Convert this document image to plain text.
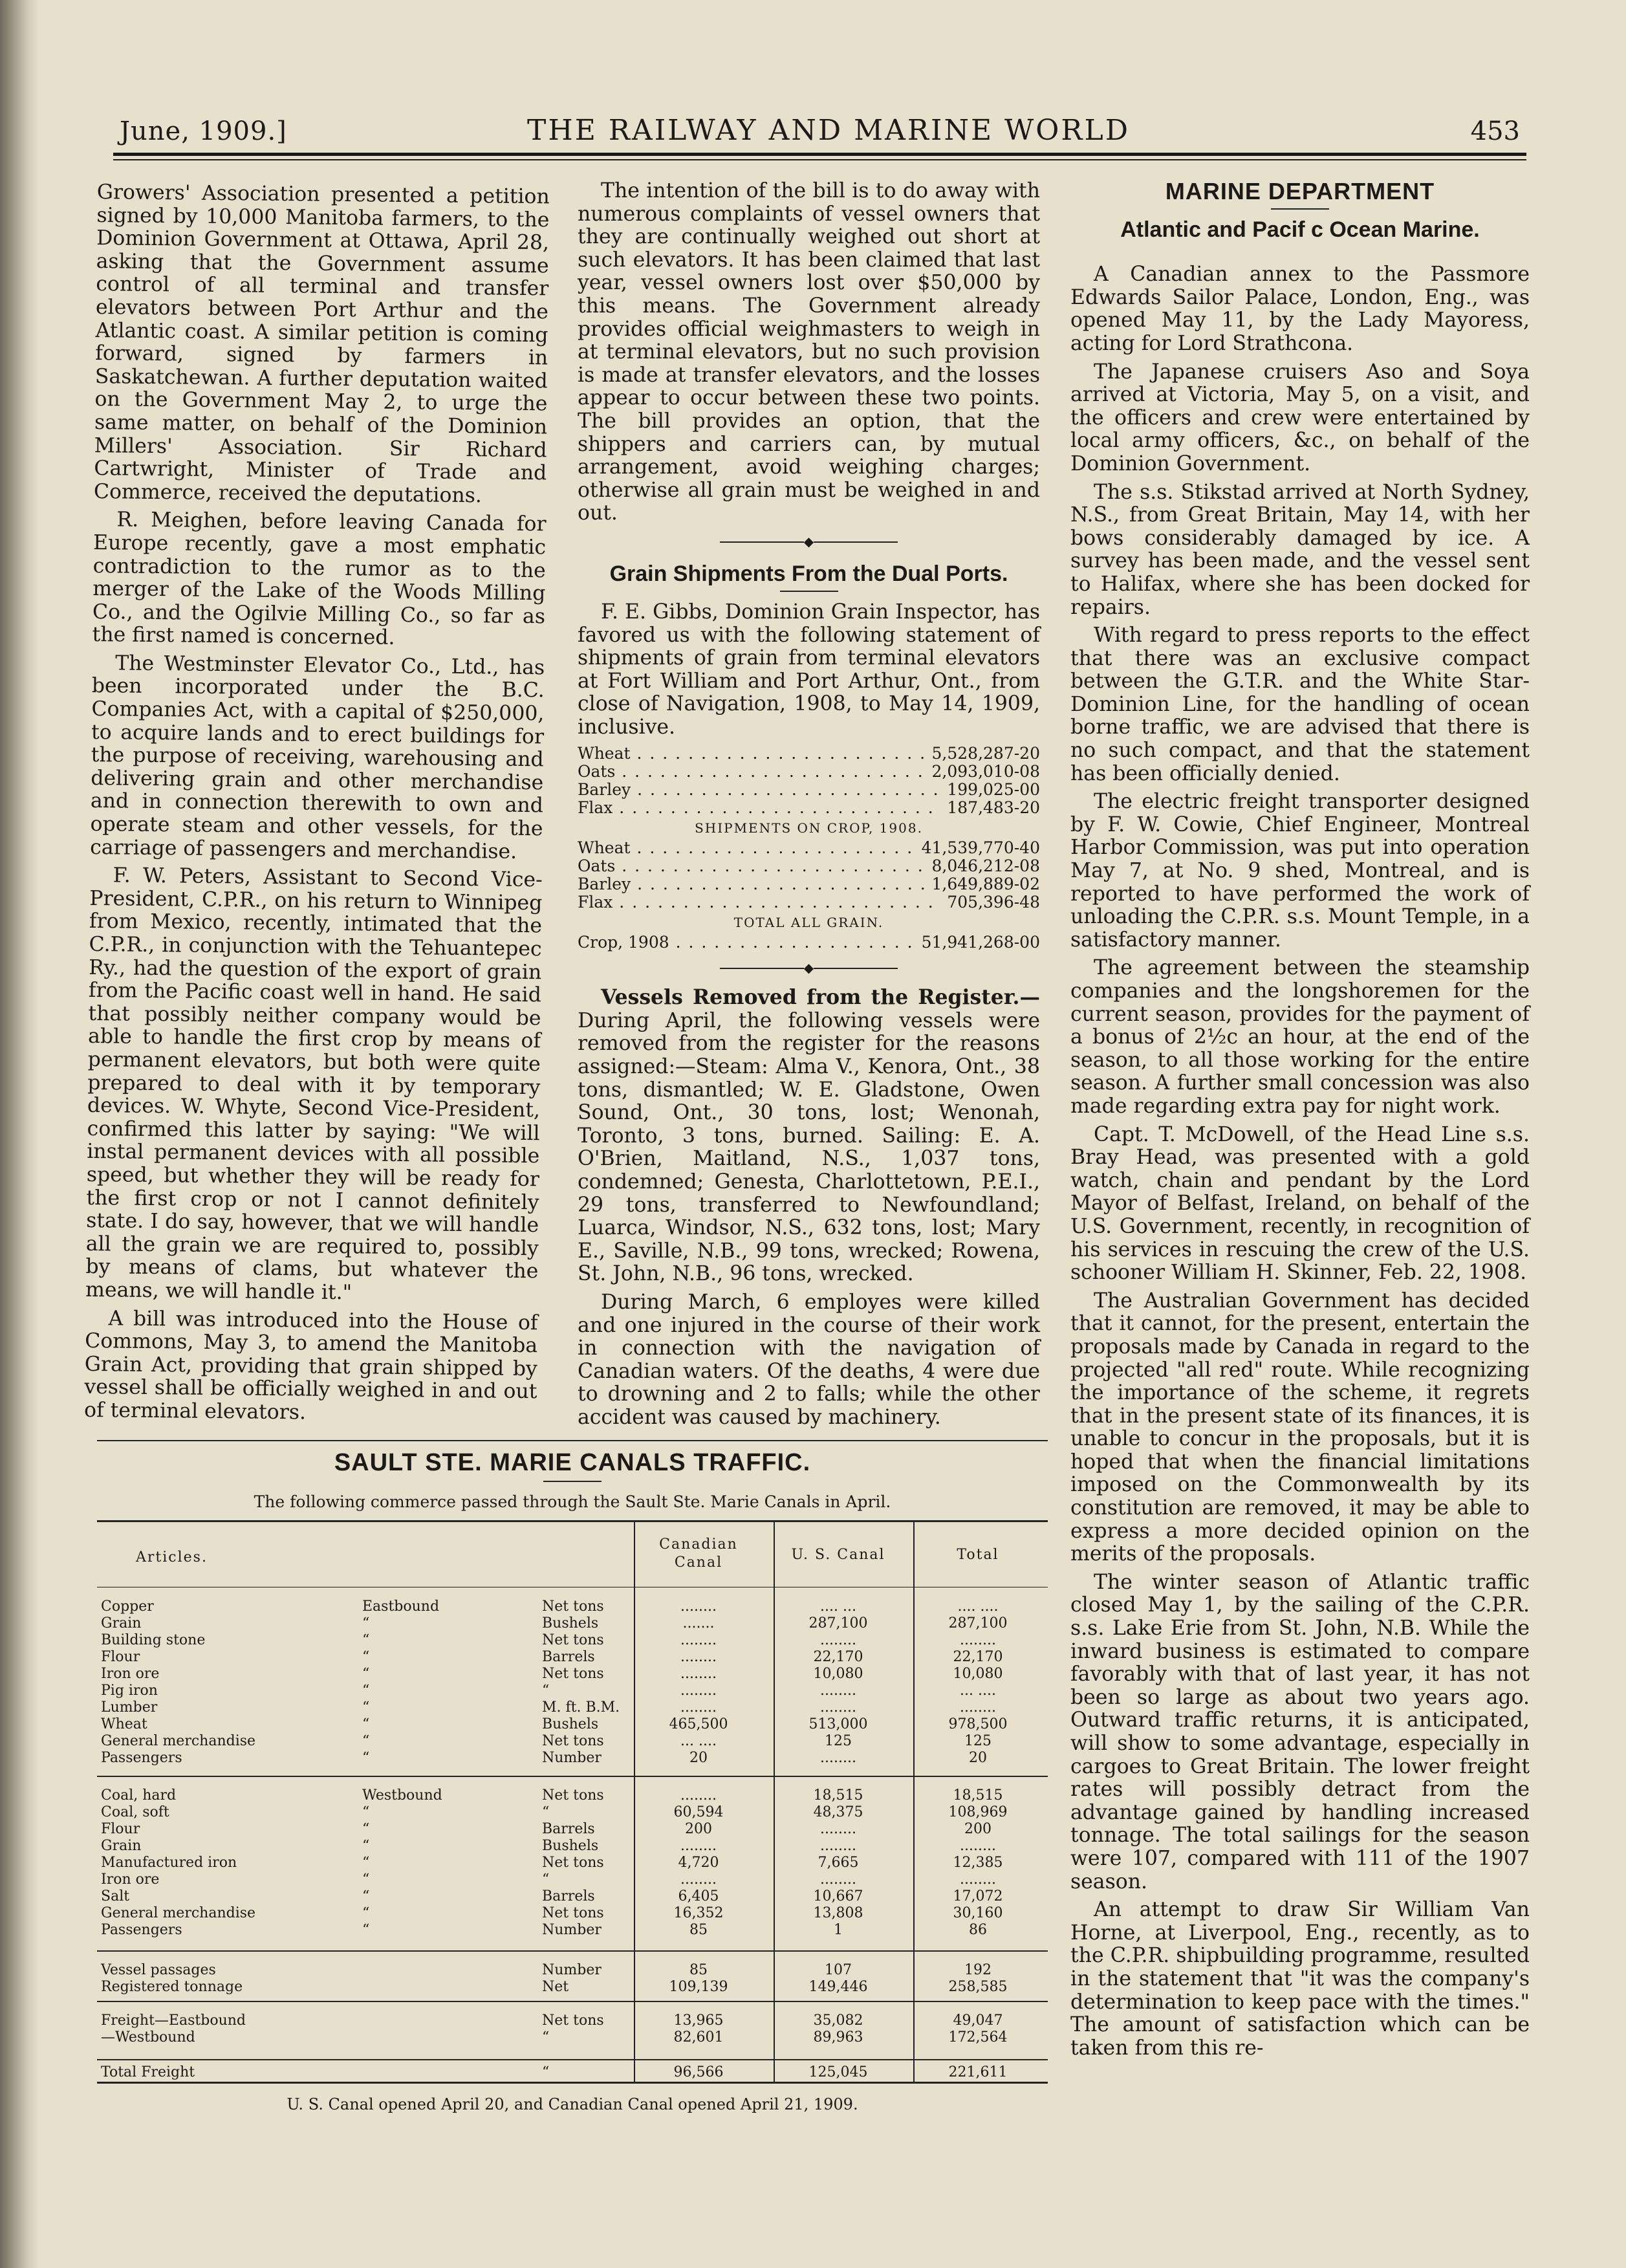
June, 1909.]	THE RAILWAY AND MARINE WORLD	453

Growers' Association presented a petition signed by 10,000 Manitoba farmers, to the Dominion Government at Ottawa, April 28, asking that the Government assume control of all terminal and transfer elevators between Port Arthur and the Atlantic coast. A similar petition is coming forward, signed by farmers in Saskatchewan. A further deputation waited on the Government May 2, to urge the same matter, on behalf of the Dominion Millers' Association. Sir Richard Cartwright, Minister of Trade and Commerce, received the deputations.

R. Meighen, before leaving Canada for Europe recently, gave a most emphatic contradiction to the rumor as to the merger of the Lake of the Woods Milling Co., and the Ogilvie Milling Co., so far as the first named is concerned.

The Westminster Elevator Co., Ltd., has been incorporated under the B.C. Companies Act, with a capital of $250,000, to acquire lands and to erect buildings for the purpose of receiving, warehousing and delivering grain and other merchandise and in connection therewith to own and operate steam and other vessels, for the carriage of passengers and merchandise.

F. W. Peters, Assistant to Second Vice-President, C.P.R., on his return to Winnipeg from Mexico, recently, intimated that the C.P.R., in conjunction with the Tehuantepec Ry., had the question of the export of grain from the Pacific coast well in hand. He said that possibly neither company would be able to handle the first crop by means of permanent elevators, but both were quite prepared to deal with it by temporary devices. W. Whyte, Second Vice-President, confirmed this latter by saying: "We will instal permanent devices with all possible speed, but whether they will be ready for the first crop or not I cannot definitely state. I do say, however, that we will handle all the grain we are required to, possibly by means of clams, but whatever the means, we will handle it."

A bill was introduced into the House of Commons, May 3, to amend the Manitoba Grain Act, providing that grain shipped by vessel shall be officially weighed in and out of terminal elevators.

The intention of the bill is to do away with numerous complaints of vessel owners that they are continually weighed out short at such elevators. It has been claimed that last year, vessel owners lost over $50,000 by this means. The Government already provides official weighmasters to weigh in at terminal elevators, but no such provision is made at transfer elevators, and the losses appear to occur between these two points. The bill provides an option, that the shippers and carriers can, by mutual arrangement, avoid weighing charges; otherwise all grain must be weighed in and out.

◆
Grain Shipments From the Dual Ports.

F. E. Gibbs, Dominion Grain Inspector, has favored us with the following statement of shipments of grain from terminal elevators at Fort William and Port Arthur, Ont., from close of Navigation, 1908, to May 14, 1909, inclusive.

Wheat . . .	5,528,287-20
Oats . . .	2,093,010-08
Barley . . .	199,025-00
Flax . . .	187,483-20
SHIPMENTS ON CROP, 1908.
Wheat . . .	41,539,770-40
Oats . . .	8,046,212-08
Barley . . .	1,649,889-02
Flax . . .	705,396-48
TOTAL ALL GRAIN.
Crop, 1908 . . .	51,941,268-00
◆

Vessels Removed from the Register.— During April, the following vessels were removed from the register for the reasons assigned:—Steam: Alma V., Kenora, Ont., 38 tons, dismantled; W. E. Gladstone, Owen Sound, Ont., 30 tons, lost; Wenonah, Toronto, 3 tons, burned. Sailing: E. A. O'Brien, Maitland, N.S., 1,037 tons, condemned; Genesta, Charlottetown, P.E.I., 29 tons, transferred to Newfoundland; Luarca, Windsor, N.S., 632 tons, lost; Mary E., Saville, N.B., 99 tons, wrecked; Rowena, St. John, N.B., 96 tons, wrecked.

During March, 6 employes were killed and one injured in the course of their work in connection with the navigation of Canadian waters. Of the deaths, 4 were due to drowning and 2 to falls; while the other accident was caused by machinery.

MARINE DEPARTMENT
Atlantic and Pacif c Ocean Marine.

A Canadian annex to the Passmore Edwards Sailor Palace, London, Eng., was opened May 11, by the Lady Mayoress, acting for Lord Strathcona.

The Japanese cruisers Aso and Soya arrived at Victoria, May 5, on a visit, and the officers and crew were entertained by local army officers, &c., on behalf of the Dominion Government.

The s.s. Stikstad arrived at North Sydney, N.S., from Great Britain, May 14, with her bows considerably damaged by ice. A survey has been made, and the vessel sent to Halifax, where she has been docked for repairs.

With regard to press reports to the effect that there was an exclusive compact between the G.T.R. and the White Star-Dominion Line, for the handling of ocean borne traffic, we are advised that there is no such compact, and that the statement has been officially denied.

The electric freight transporter designed by F. W. Cowie, Chief Engineer, Montreal Harbor Commission, was put into operation May 7, at No. 9 shed, Montreal, and is reported to have performed the work of unloading the C.P.R. s.s. Mount Temple, in a satisfactory manner.

The agreement between the steamship companies and the longshoremen for the current season, provides for the payment of a bonus of 2½c an hour, at the end of the season, to all those working for the entire season. A further small concession was also made regarding extra pay for night work.

Capt. T. McDowell, of the Head Line s.s. Bray Head, was presented with a gold watch, chain and pendant by the Lord Mayor of Belfast, Ireland, on behalf of the U.S. Government, recently, in recognition of his services in rescuing the crew of the U.S. schooner William H. Skinner, Feb. 22, 1908.

The Australian Government has decided that it cannot, for the present, entertain the proposals made by Canada in regard to the projected "all red" route. While recognizing the importance of the scheme, it regrets that in the present state of its finances, it is unable to concur in the proposals, but it is hoped that when the financial limitations imposed on the Commonwealth by its constitution are removed, it may be able to express a more decided opinion on the merits of the proposals.

The winter season of Atlantic traffic closed May 1, by the sailing of the C.P.R. s.s. Lake Erie from St. John, N.B. While the inward business is estimated to compare favorably with that of last year, it has not been so large as about two years ago. Outward traffic returns, it is anticipated, will show to some advantage, especially in cargoes to Great Britain. The lower freight rates will possibly detract from the advantage gained by handling increased tonnage. The total sailings for the season were 107, compared with 111 of the 1907 season.

An attempt to draw Sir William Van Horne, at Liverpool, Eng., recently, as to the C.P.R. shipbuilding programme, resulted in the statement that "it was the company's determination to keep pace with the times." The amount of satisfaction which can be taken from this re-

SAULT STE. MARIE CANALS TRAFFIC.
The following commerce passed through the Sault Ste. Marie Canals in April.
Articles.
Canadian
Canal	U. S. Canal	Total
Copper	Eastbound	Net tons	........	.... ...	.... ....
Grain	“	Bushels	.......	287,100	287,100
Building stone	“	Net tons	........	........	........
Flour	“	Barrels	........	22,170	22,170
Iron ore	“	Net tons	........	10,080	10,080
Pig iron	“	“	........	........	... ....
Lumber	“	M. ft. B.M.	........	........	........
Wheat	“	Bushels	465,500	513,000	978,500
General merchandise	“	Net tons	... ....	125	125
Passengers	“	Number	20	........	20
Coal, hard	Westbound	Net tons	........	18,515	18,515
Coal, soft	“	“	60,594	48,375	108,969
Flour	“	Barrels	200	........	200
Grain	“	Bushels	........	........	........
Manufactured iron	“	Net tons	4,720	7,665	12,385
Iron ore	“	“	........	........	........
Salt	“	Barrels	6,405	10,667	17,072
General merchandise	“	Net tons	16,352	13,808	30,160
Passengers	“	Number	85	1	86
Vessel passages	Number	85	107	192
Registered tonnage	Net	109,139	149,446	258,585
Freight—Eastbound	Net tons	13,965	35,082	49,047
—Westbound	“	82,601	89,963	172,564
Total Freight	“	96,566	125,045	221,611
U. S. Canal opened April 20, and Canadian Canal opened April 21, 1909.
